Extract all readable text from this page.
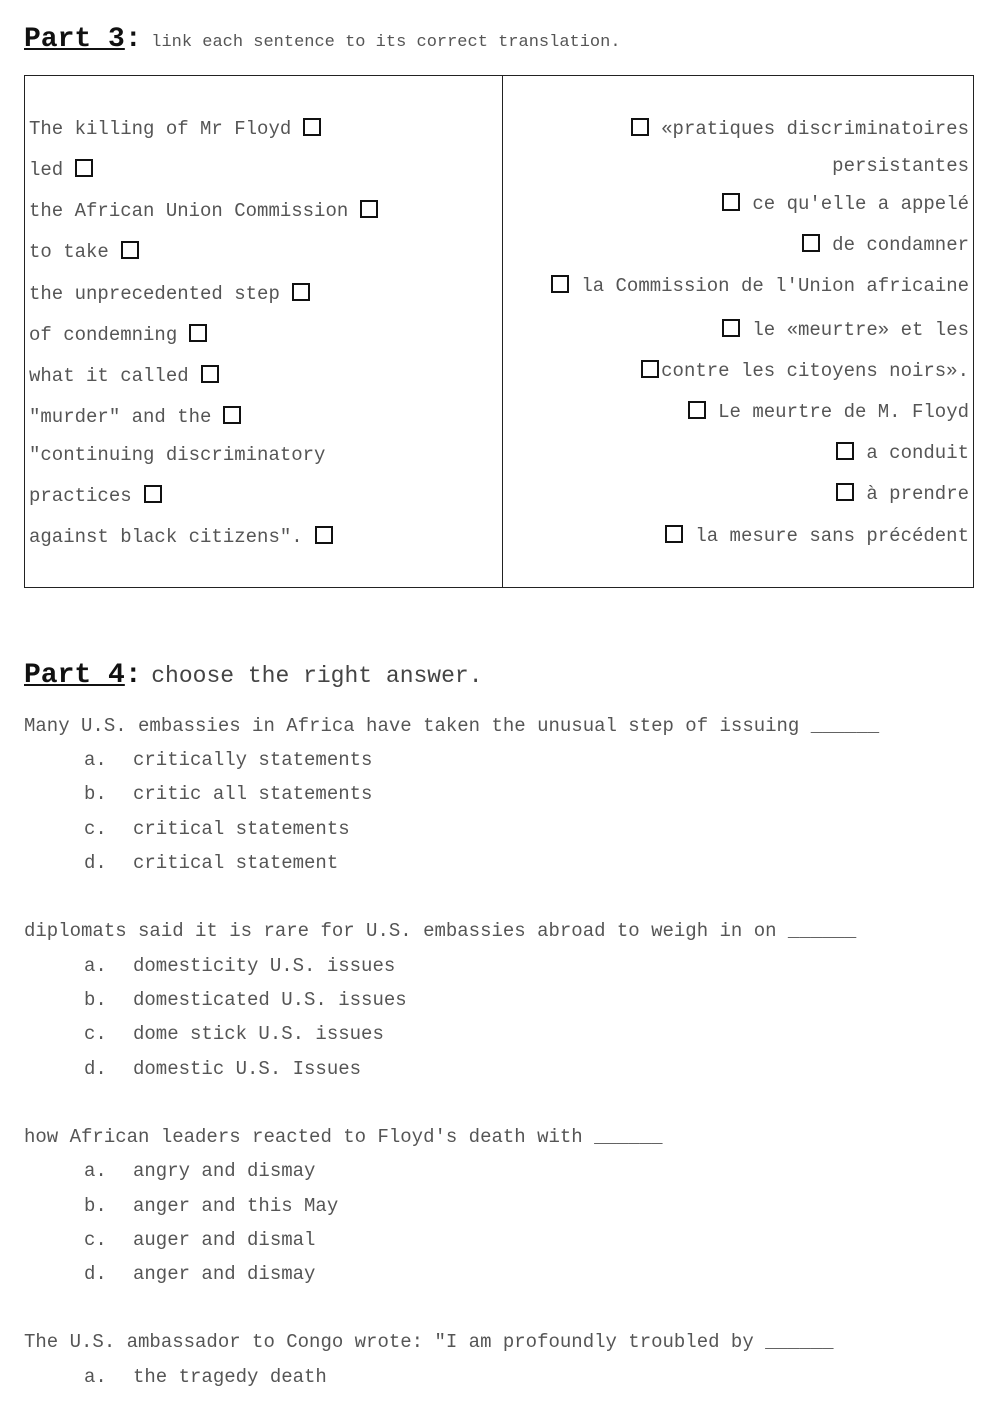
Part 3: link each sentence to its correct translation.
The killing of Mr Floyd
led
the African Union Commission
to take
the unprecedented step
of condemning
what it called
"murder" and the
"continuing discriminatory
practices
against black citizens".
«pratiques discriminatoires
persistantes
ce qu'elle a appelé
de condamner
la Commission de l'Union africaine
le «meurtre» et les
contre les citoyens noirs».
Le meurtre de M. Floyd
a conduit
à prendre
la mesure sans précédent
Part 4: choose the right answer.
Many U.S. embassies in Africa have taken the unusual step of issuing ______
a. critically statements
b. critic all statements
c. critical statements
d. critical statement
diplomats said it is rare for U.S. embassies abroad to weigh in on ______
a. domesticity U.S. issues
b. domesticated U.S. issues
c. dome stick U.S. issues
d. domestic U.S. Issues
how African leaders reacted to Floyd's death with ______
a. angry and dismay
b. anger and this May
c. auger and dismal
d. anger and dismay
The U.S. ambassador to Congo wrote: "I am profoundly troubled by ______
a. the tragedy death
